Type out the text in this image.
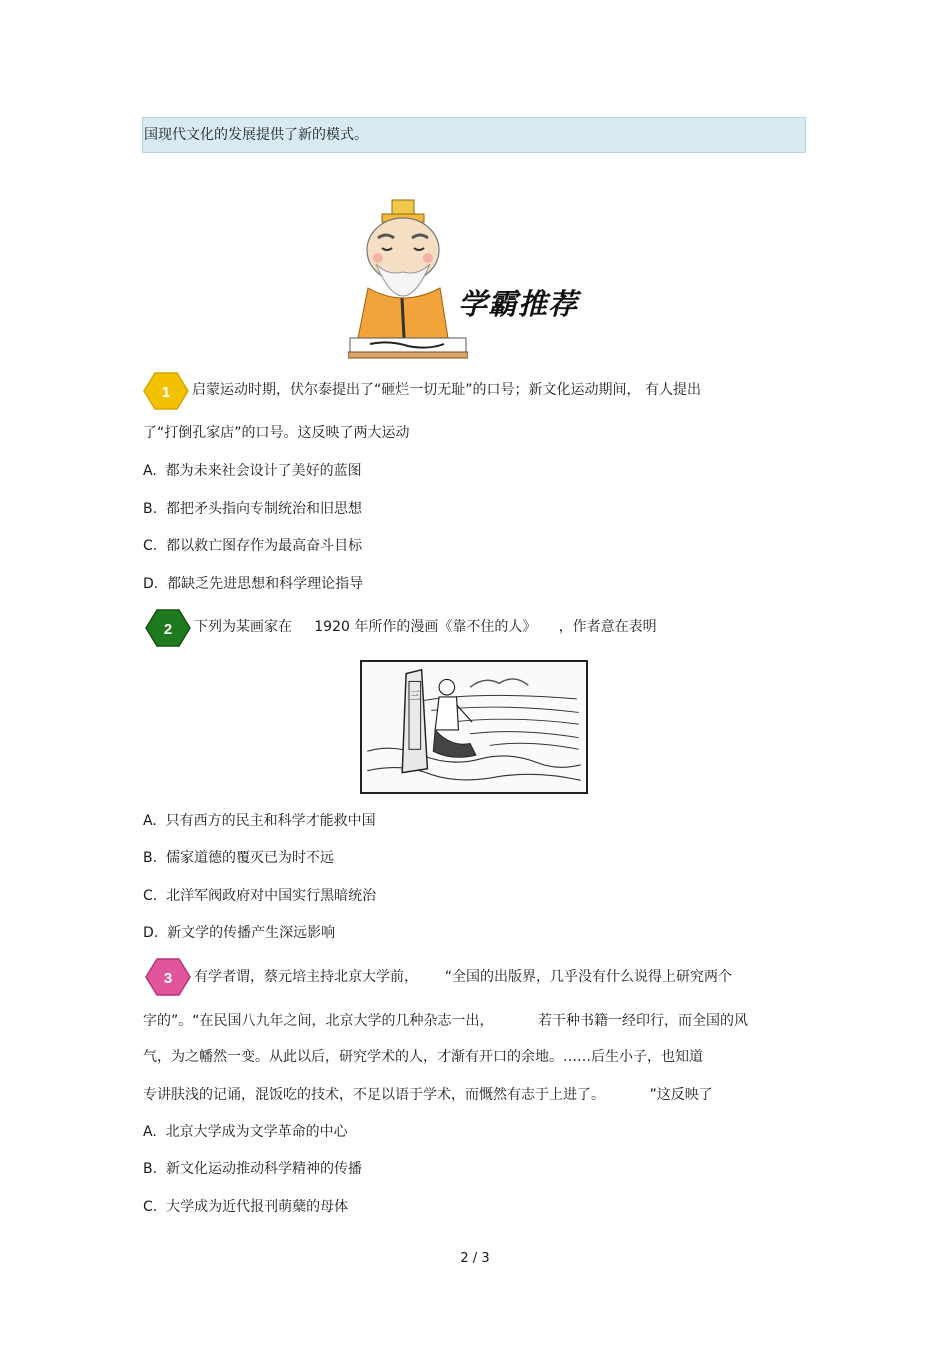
国现代文化的发展提供了新的模式。
学霸推荐
1 启蒙运动时期，伏尔泰提出了“砸烂一切无耻”的口号；新文化运动期间， 有人提出
了“打倒孔家店”的口号。这反映了两大运动
A.  都为未来社会设计了美好的蓝图
B.  都把矛头指向专制统治和旧思想
C.  都以救亡图存作为最高奋斗目标
D.  都缺乏先进思想和科学理论指导
2 下列为某画家在     1920 年所作的漫画《靠不住的人》     ，作者意在表明
三
A.  只有西方的民主和科学才能救中国
B.  儒家道德的覆灭已为时不远
C.  北洋军阀政府对中国实行黑暗统治
D.  新文学的传播产生深远影响
3 有学者谓，蔡元培主持北京大学前，      “全国的出版界，几乎没有什么说得上研究两个
字的”。“在民国八九年之间，北京大学的几种杂志一出，          若干种书籍一经印行，而全国的风
气，为之幡然一变。从此以后，研究学术的人，才渐有开口的余地。……后生小子，也知道
专讲肤浅的记诵，混饭吃的技术，不足以语于学术，而慨然有志于上进了。          ”这反映了
A.  北京大学成为文学革命的中心
B.  新文化运动推动科学精神的传播
C.  大学成为近代报刊萌蘖的母体
2 / 3
